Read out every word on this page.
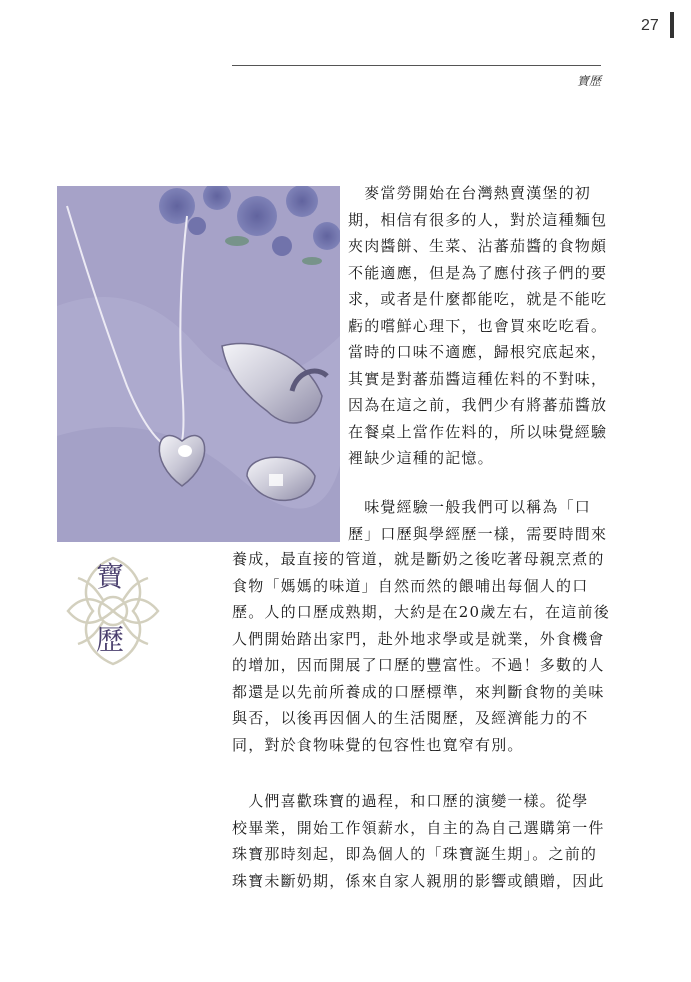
27
寶歷
寶
歷
　麥當勞開始在台灣熱賣漢堡的初
期，相信有很多的人，對於這種麵包
夾肉醬餅、生菜、沾蕃茄醬的食物頗
不能適應，但是為了應付孩子們的要
求，或者是什麼都能吃，就是不能吃
虧的嚐鮮心理下，也會買來吃吃看。
當時的口味不適應，歸根究底起來，
其實是對蕃茄醬這種佐料的不對味，
因為在這之前，我們少有將蕃茄醬放
在餐桌上當作佐料的，所以味覺經驗
裡缺少這種的記憶。
　味覺經驗一般我們可以稱為「口
歷」口歷與學經歷一樣，需要時間來
養成，最直接的管道，就是斷奶之後吃著母親烹煮的
食物「媽媽的味道」自然而然的餵哺出每個人的口
歷。人的口歷成熟期，大約是在20歲左右，在這前後
人們開始踏出家門，赴外地求學或是就業，外食機會
的增加，因而開展了口歷的豐富性。不過！多數的人
都還是以先前所養成的口歷標準，來判斷食物的美味
與否，以後再因個人的生活閱歷，及經濟能力的不
同，對於食物味覺的包容性也寬窄有別。
　人們喜歡珠寶的過程，和口歷的演變一樣。從學
校畢業，開始工作領薪水，自主的為自己選購第一件
珠寶那時刻起，即為個人的「珠寶誕生期」。之前的
珠寶未斷奶期，係來自家人親朋的影響或饋贈，因此
